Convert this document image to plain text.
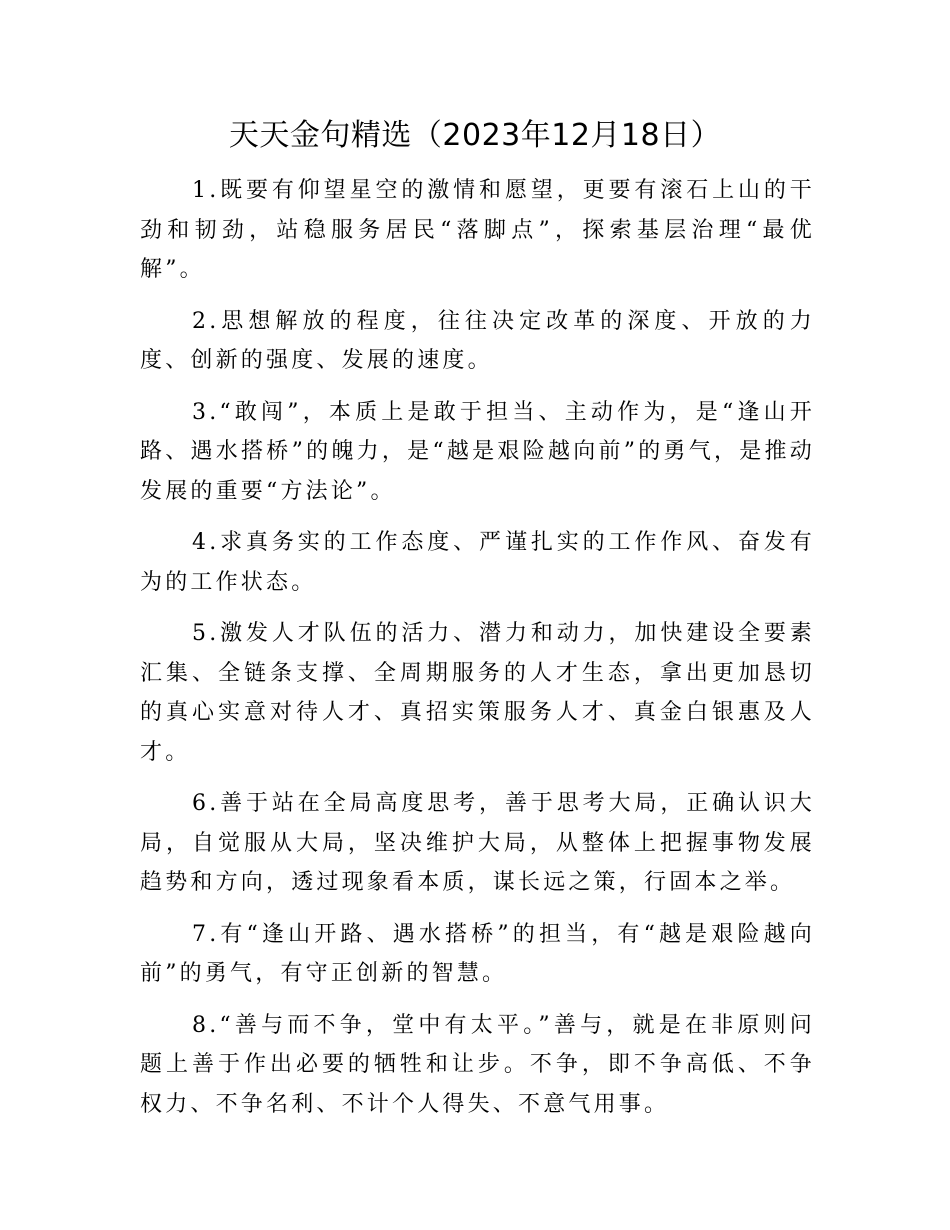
天天金句精选（2023年12月18日）

1.既要有仰望星空的激情和愿望，更要有滚石上山的干劲和韧劲，站稳服务居民“落脚点”，探索基层治理“最优解”。

2.思想解放的程度，往往决定改革的深度、开放的力度、创新的强度、发展的速度。

3.“敢闯”，本质上是敢于担当、主动作为，是“逢山开路、遇水搭桥”的魄力，是“越是艰险越向前”的勇气，是推动发展的重要“方法论”。

4.求真务实的工作态度、严谨扎实的工作作风、奋发有为的工作状态。

5.激发人才队伍的活力、潜力和动力，加快建设全要素汇集、全链条支撑、全周期服务的人才生态，拿出更加恳切的真心实意对待人才、真招实策服务人才、真金白银惠及人才。

6.善于站在全局高度思考，善于思考大局，正确认识大局，自觉服从大局，坚决维护大局，从整体上把握事物发展趋势和方向，透过现象看本质，谋长远之策，行固本之举。

7.有“逢山开路、遇水搭桥”的担当，有“越是艰险越向前”的勇气，有守正创新的智慧。

8.“善与而不争，堂中有太平。”善与，就是在非原则问题上善于作出必要的牺牲和让步。不争，即不争高低、不争权力、不争名利、不计个人得失、不意气用事。
